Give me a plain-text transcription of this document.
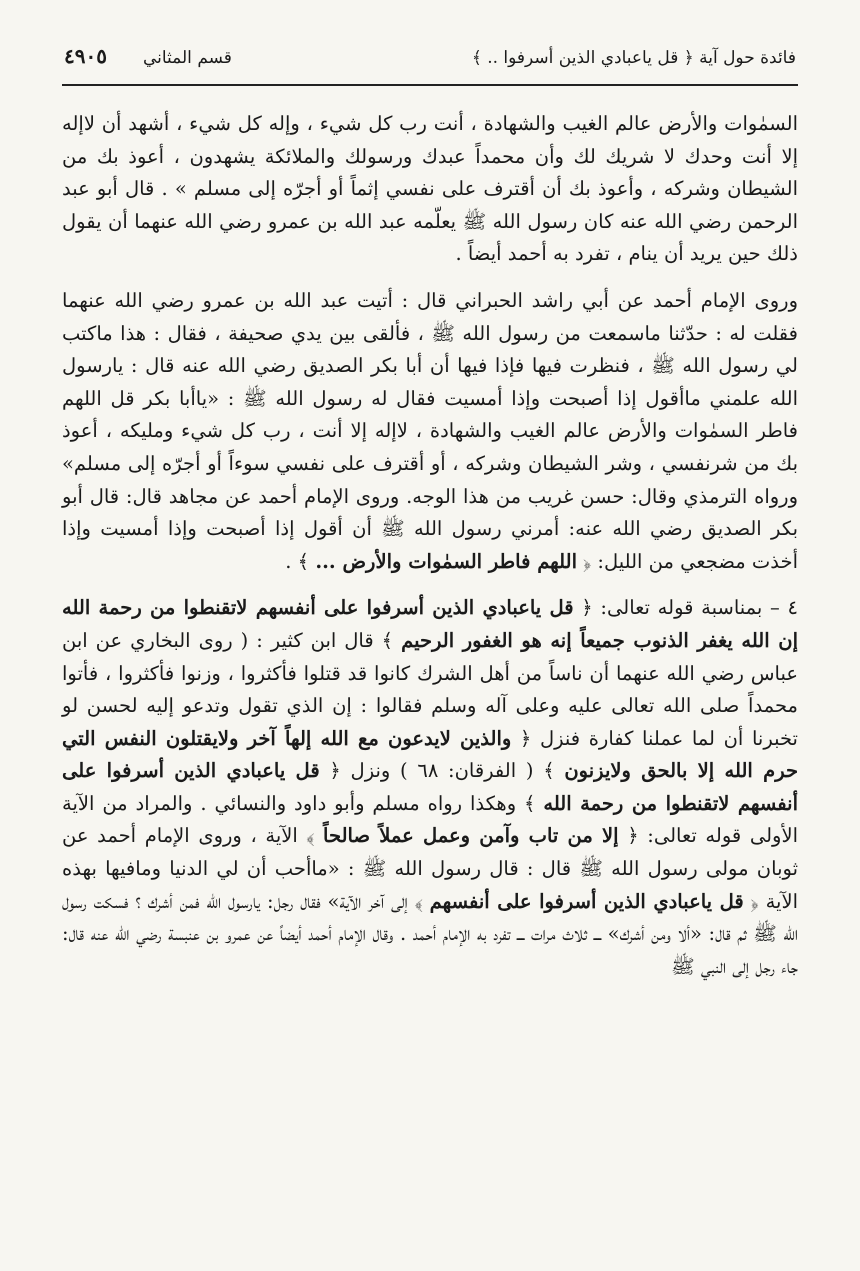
فائدة حول آية ﴿ قل ياعبادي الذين أسرفوا .. ﴾
قسم المثاني
٤٩٠٥

السمٰوات والأرض عالم الغيب والشهادة ، أنت رب كل شيء ، وإله كل شيء ، أشهد أن لاإله إلا أنت وحدك لا شريك لك وأن محمداً عبدك ورسولك والملائكة يشهدون ، أعوذ بك من الشيطان وشركه ، وأعوذ بك أن أقترف على نفسي إثماً أو أجرّه إلى مسلم » . قال أبو عبد الرحمن رضي الله عنه كان رسول الله ﷺ يعلّمه عبد الله بن عمرو رضي الله عنهما أن يقول ذلك حين يريد أن ينام ، تفرد به أحمد أيضاً .

وروى الإمام أحمد عن أبي راشد الحبراني قال : أتيت عبد الله بن عمرو رضي الله عنهما فقلت له : حدّثنا ماسمعت من رسول الله ﷺ ، فألقى بين يدي صحيفة ، فقال : هذا ماكتب لي رسول الله ﷺ ، فنظرت فيها فإذا فيها أن أبا بكر الصديق رضي الله عنه قال : يارسول الله علمني ماأقول إذا أصبحت وإذا أمسيت فقال له رسول الله ﷺ : «ياأبا بكر قل اللهم فاطر السمٰوات والأرض عالم الغيب والشهادة ، لاإله إلا أنت ، رب كل شيء ومليكه ، أعوذ بك من شرنفسي ، وشر الشيطان وشركه ، أو أقترف على نفسي سوءاً أو أجرّه إلى مسلم» ورواه الترمذي وقال: حسن غريب من هذا الوجه. وروى الإمام أحمد عن مجاهد قال: قال أبو بكر الصديق رضي الله عنه: أمرني رسول الله ﷺ أن أقول إذا أصبحت وإذا أمسيت وإذا أخذت مضجعي من الليل: ﴿ اللهم فاطر السمٰوات والأرض ... ﴾ .

٤ – بمناسبة قوله تعالى: ﴿ قل ياعبادي الذين أسرفوا على أنفسهم لاتقنطوا من رحمة الله إن الله يغفر الذنوب جميعاً إنه هو الغفور الرحيم ﴾ قال ابن كثير : ( روى البخاري عن ابن عباس رضي الله عنهما أن ناساً من أهل الشرك كانوا قد قتلوا فأكثروا ، وزنوا فأكثروا ، فأتوا محمداً صلى الله تعالى عليه وعلى آله وسلم فقالوا : إن الذي تقول وتدعو إليه لحسن لو تخبرنا أن لما عملنا كفارة فنزل ﴿ والذين لايدعون مع الله إلهاً آخر ولايقتلون النفس التي حرم الله إلا بالحق ولايزنون ﴾ ( الفرقان: ٦٨ ) ونزل ﴿ قل ياعبادي الذين أسرفوا على أنفسهم لاتقنطوا من رحمة الله ﴾ وهكذا رواه مسلم وأبو داود والنسائي . والمراد من الآية الأولى قوله تعالى: ﴿ إلا من تاب وآمن وعمل عملاً صالحاً ﴾ الآية ، وروى الإمام أحمد عن ثوبان مولى رسول الله ﷺ قال : قال رسول الله ﷺ : «ماأحب أن لي الدنيا ومافيها بهذه الآية ﴿ قل ياعبادي الذين أسرفوا على أنفسهم ﴾ إلى آخر الآية» فقال رجل: يارسول الله فمن أشرك ؟ فسكت رسول الله ﷺ ثم قال: «ألا ومن أشرك» ـــ ثلاث مرات ـــ تفرد به الإمام أحمد . وقال الإمام أحمد أيضاً عن عمرو بن عنبسة رضي الله عنه قال: جاء رجل إلى النبي ﷺ
